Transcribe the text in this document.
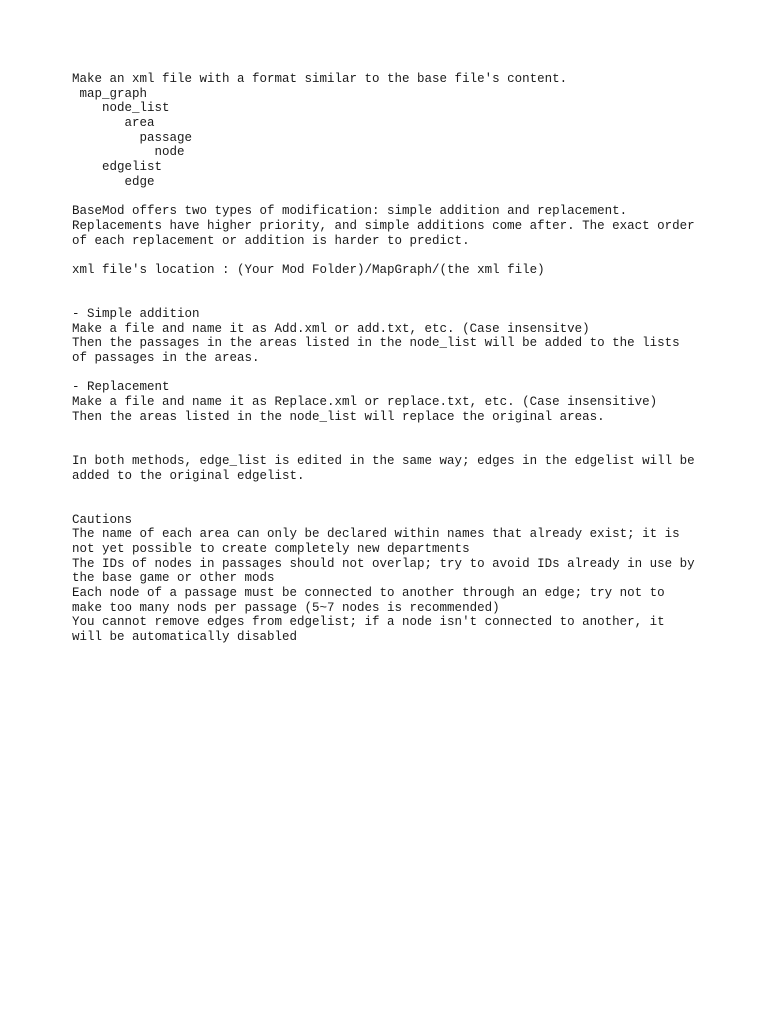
Make an xml file with a format similar to the base file's content.
map_graph
node_list
area
passage
node
edgelist
edge
BaseMod offers two types of modification: simple addition and replacement.
Replacements have higher priority, and simple additions come after. The exact order
of each replacement or addition is harder to predict.
xml file's location : (Your Mod Folder)/MapGraph/(the xml file)
- Simple addition
Make a file and name it as Add.xml or add.txt, etc. (Case insensitve)
Then the passages in the areas listed in the node_list will be added to the lists
of passages in the areas.
- Replacement
Make a file and name it as Replace.xml or replace.txt, etc. (Case insensitive)
Then the areas listed in the node_list will replace the original areas.
In both methods, edge_list is edited in the same way; edges in the edgelist will be
added to the original edgelist.
Cautions
The name of each area can only be declared within names that already exist; it is
not yet possible to create completely new departments
The IDs of nodes in passages should not overlap; try to avoid IDs already in use by
the base game or other mods
Each node of a passage must be connected to another through an edge; try not to
make too many nods per passage (5~7 nodes is recommended)
You cannot remove edges from edgelist; if a node isn't connected to another, it
will be automatically disabled
